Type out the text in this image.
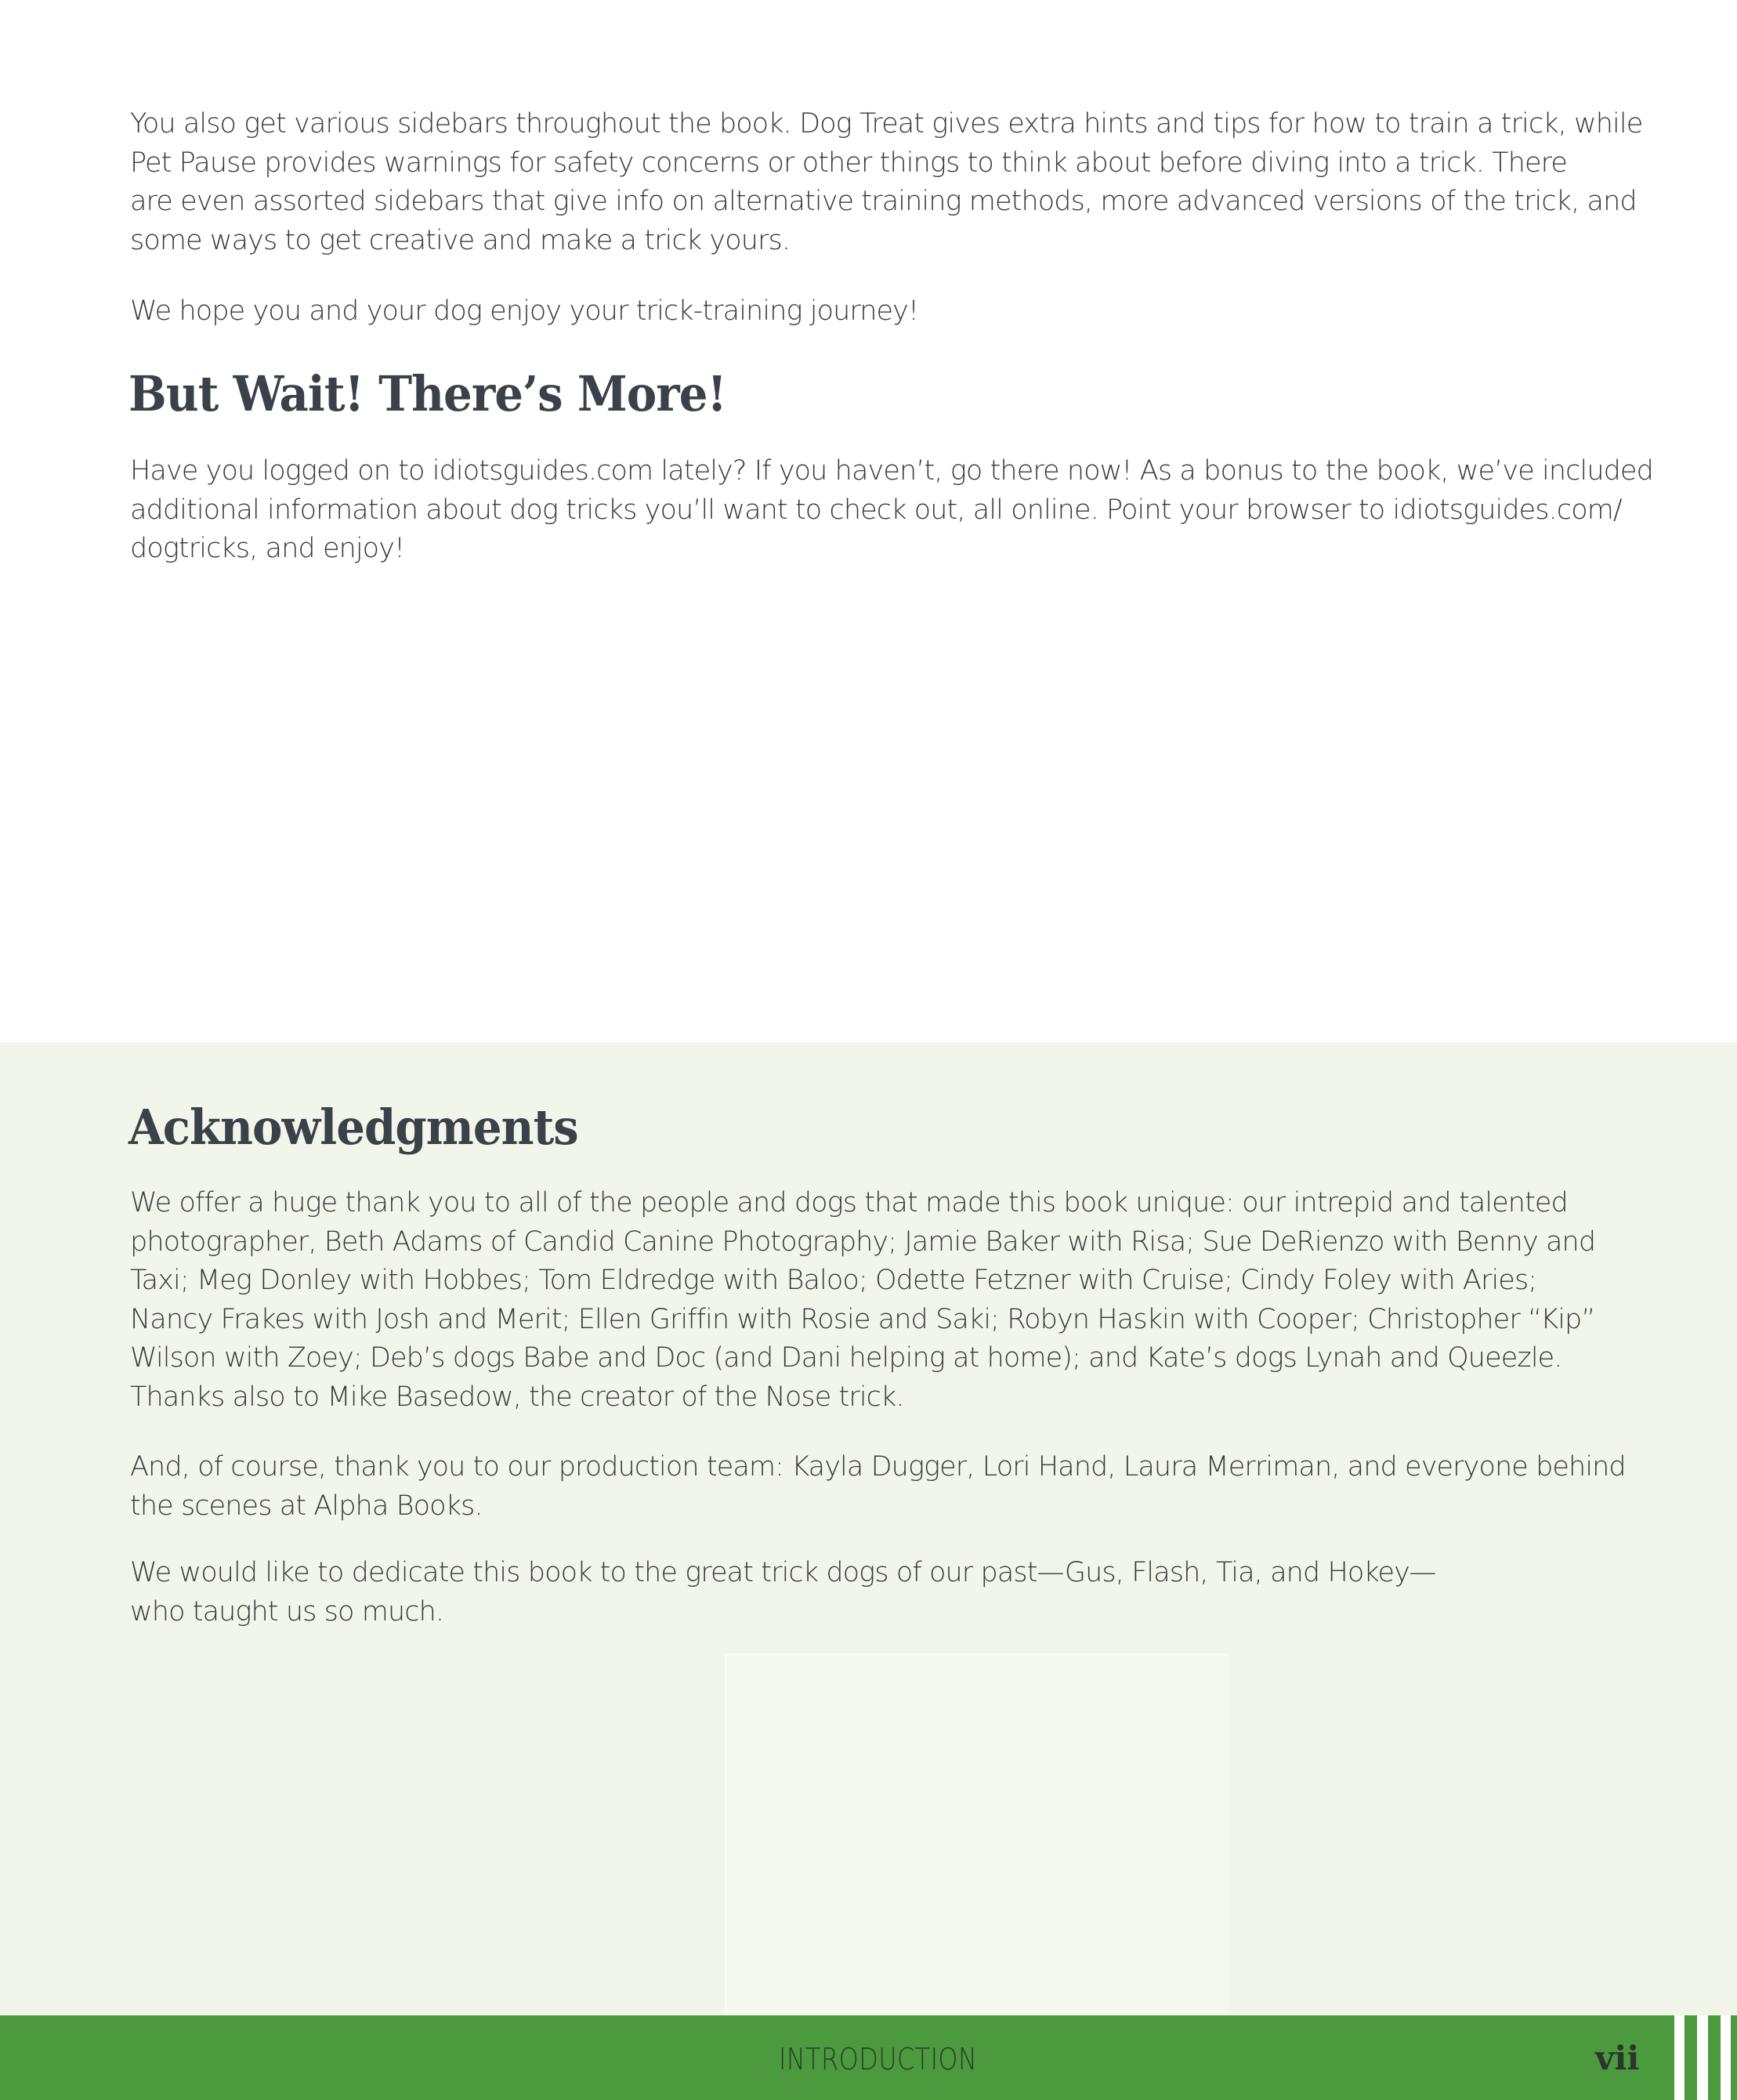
You also get various sidebars throughout the book. Dog Treat gives extra hints and tips for how to train a trick, while
Pet Pause provides warnings for safety concerns or other things to think about before diving into a trick. There
are even assorted sidebars that give info on alternative training methods, more advanced versions of the trick, and
some ways to get creative and make a trick yours.

We hope you and your dog enjoy your trick-training journey!

But Wait! There’s More!

Have you logged on to idiotsguides.com lately? If you haven’t, go there now! As a bonus to the book, we’ve included
additional information about dog tricks you’ll want to check out, all online. Point your browser to idiotsguides.com/
dogtricks, and enjoy!

Acknowledgments

We offer a huge thank you to all of the people and dogs that made this book unique: our intrepid and talented
photographer, Beth Adams of Candid Canine Photography; Jamie Baker with Risa; Sue DeRienzo with Benny and
Taxi; Meg Donley with Hobbes; Tom Eldredge with Baloo; Odette Fetzner with Cruise; Cindy Foley with Aries;
Nancy Frakes with Josh and Merit; Ellen Griffin with Rosie and Saki; Robyn Haskin with Cooper; Christopher “Kip”
Wilson with Zoey; Deb’s dogs Babe and Doc (and Dani helping at home); and Kate’s dogs Lynah and Queezle.
Thanks also to Mike Basedow, the creator of the Nose trick.

And, of course, thank you to our production team: Kayla Dugger, Lori Hand, Laura Merriman, and everyone behind
the scenes at Alpha Books.

We would like to dedicate this book to the great trick dogs of our past—Gus, Flash, Tia, and Hokey—
who taught us so much.

INTRODUCTION	vii
